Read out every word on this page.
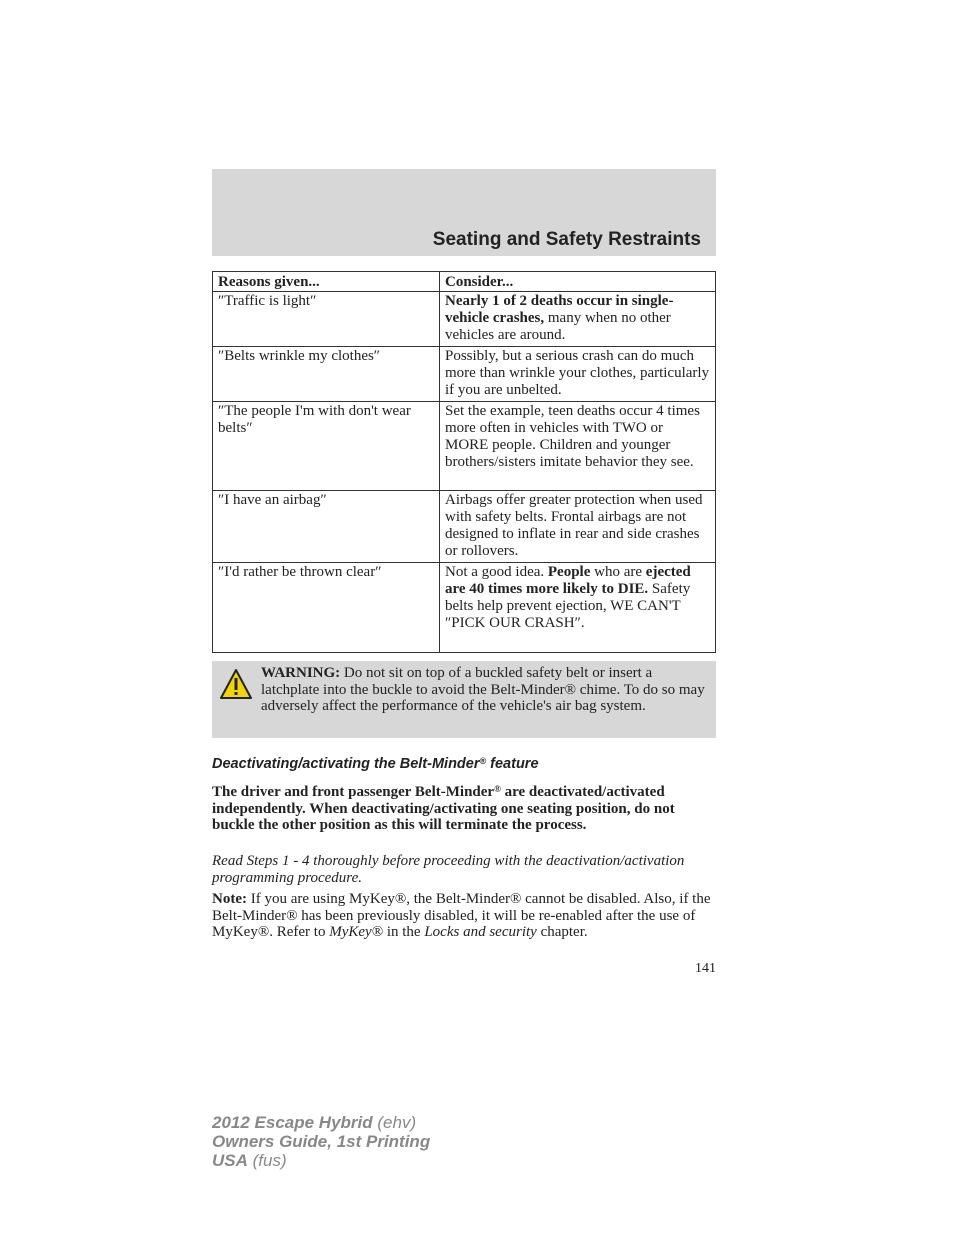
Seating and Safety Restraints
Reasons given...	Consider...
″Traffic is light″	Nearly 1 of 2 deaths occur in single-vehicle crashes, many when no other vehicles are around.
″Belts wrinkle my clothes″	Possibly, but a serious crash can do much more than wrinkle your clothes, particularly if you are unbelted.
″The people I'm with don't wear belts″	Set the example, teen deaths occur 4 times more often in vehicles with TWO or MORE people. Children and younger brothers/sisters imitate behavior they see.
″I have an airbag″	Airbags offer greater protection when used with safety belts. Frontal airbags are not designed to inflate in rear and side crashes or rollovers.
″I'd rather be thrown clear″	Not a good idea. People who are ejected are 40 times more likely to DIE. Safety belts help prevent ejection, WE CAN'T ″PICK OUR CRASH″.
WARNING: Do not sit on top of a buckled safety belt or insert a latchplate into the buckle to avoid the Belt-Minder® chime. To do so may adversely affect the performance of the vehicle's air bag system.
Deactivating/activating the Belt-Minder® feature
The driver and front passenger Belt-Minder® are deactivated/activated independently. When deactivating/activating one seating position, do not buckle the other position as this will terminate the process.
Read Steps 1 - 4 thoroughly before proceeding with the deactivation/activation programming procedure.
Note: If you are using MyKey®, the Belt-Minder® cannot be disabled. Also, if the Belt-Minder® has been previously disabled, it will be re-enabled after the use of MyKey®. Refer to MyKey® in the Locks and security chapter.
141
2012 Escape Hybrid (ehv)
Owners Guide, 1st Printing
USA (fus)
